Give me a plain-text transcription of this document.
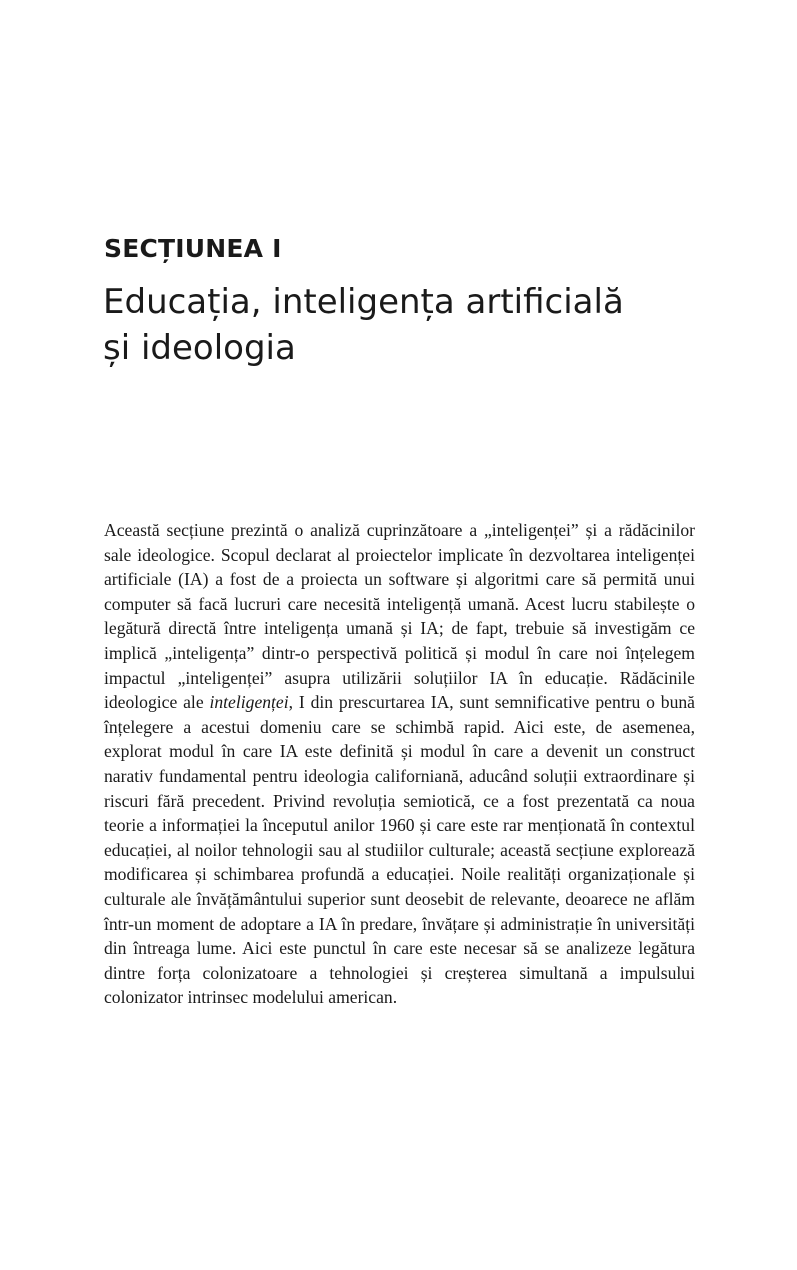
SECȚIUNEA I
Educația, inteligența artificială
și ideologia

Această secțiune prezintă o analiză cuprinzătoare a „inteligenței” și a rădăcinilor sale ideologice. Scopul declarat al proiectelor implicate în dezvoltarea inteligenței artificiale (IA) a fost de a proiecta un software și algoritmi care să permită unui computer să facă lucruri care necesită inteligență umană. Acest lucru stabilește o legătură directă între inteligența umană și IA; de fapt, trebuie să investigăm ce implică „inteligența” dintr-o perspectivă politică și modul în care noi înțelegem impactul „inteligenței” asupra utilizării soluțiilor IA în educație. Rădăcinile ideologice ale inteligenței, I din prescurtarea IA, sunt semnificative pentru o bună înțelegere a acestui domeniu care se schimbă rapid. Aici este, de asemenea, explorat modul în care IA este definită și modul în care a devenit un construct narativ fundamental pentru ideologia californiană, aducând soluții extraordinare și riscuri fără precedent. Privind revoluția semiotică, ce a fost prezentată ca noua teorie a informației la începutul anilor 1960 și care este rar menționată în contextul educației, al noilor tehnologii sau al studiilor culturale; această secțiune explorează modificarea și schimbarea profundă a educației. Noile realități organizaționale și culturale ale învățământului superior sunt deosebit de relevante, deoarece ne aflăm într-un moment de adoptare a IA în predare, învățare și administrație în universități din întreaga lume. Aici este punctul în care este necesar să se analizeze legătura dintre forța colonizatoare a tehnologiei și creșterea simultană a impulsului colonizator intrinsec modelului american.
